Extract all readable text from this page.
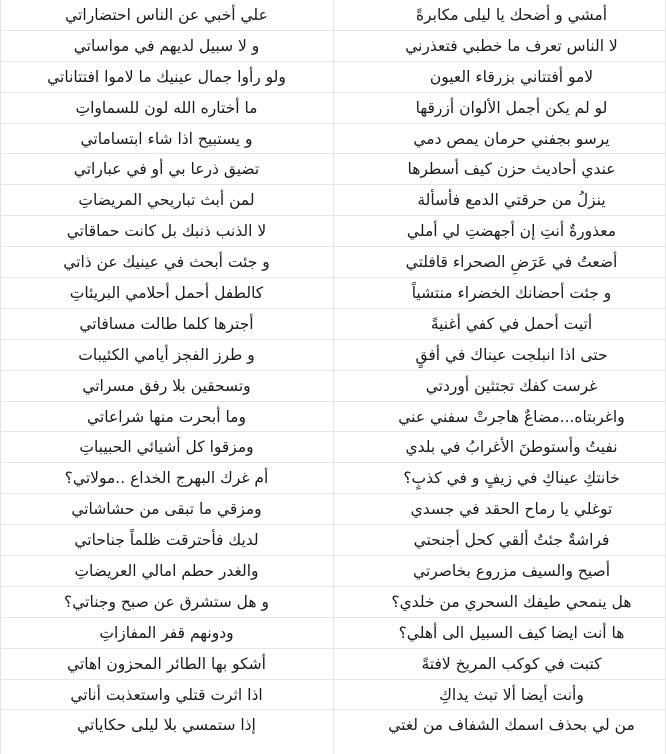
أمشي و أضحك يا ليلى مكابرةً	علي أخبي عن الناس احتضاراتي
لا الناس تعرف ما خطبي فتعذرني	و لا سبيل لديهم في مواساتي
لامو أفتتاني بزرقاء العيون	ولو رأوا جمال عينيك ما لاموا افتتاناتي
لو لم يكن أجمل الألوان أزرقها	ما أختاره الله لون للسماواتِ
يرسو بجفني حرمان يمص دمي	و يستبيح اذا شاء ابتساماتي
عندي أحاديث حزن كيف أسطرها	تضيق ذرعا بي أو في عباراتي
ينزلُ من حرقتي الدمع فأسألة	لمن أبث تباريحي المريضاتِ
معذورةٌ أنتِ إن أجهضتِ لي أملي	لا الذنب ذنبك بل كانت حماقاتي
أضعتُ في عَرَضِ الصحراء قافلتي	و جئت أبحث في عينيك عن ذاتي
و جئت أحضانك الخضراء منتشياً	كالطفل أحمل أحلامي البريئاتِ
أتيت أحمل في كفي أغنيةً	أجترها كلما طالت مسافاتي
حتى اذا انبلجت عيناك في أفقٍ	و طرز الفجز أيامي الكئيبات
غرست كفك تجتثين أوردتي	وتسحقين بلا رفق مسراتي
واغربتاه...مضاعٌ هاجرتْ سفني عني	وما أبحرت منها شراعاتي
نفيتُ وأستوطنَ الأغرابُ في بلدي	ومزقوا كل أشيائي الحبيباتِ
خانتكِ عيناكِ في زيفٍ و في كذبٍ؟	أم غرك البهرج الخداع ..مولاتي؟
توغلي يا رماح الحقد في جسدي	ومزقي ما تبقى من حشاشاتي
فراشةٌ جئتُ ألقي كحل أجنحتي	لديك فأحترقت ظلماً جناحاتي
أصيح والسيف مزروع بخاصرتي	والغدر حطم امالي العريضاتِ
هل ينمحي طيفك السحري من خلدي؟	و هل ستشرق عن صبح وجناتي؟
ها أنت ايضا كيف السبيل الى أهلي؟	ودونهم قفر المفازاتِ
كتبت في كوكب المريخ لافتةً	أشكو بها الطائر المحزون اهاتي
وأنت أيضا ألا تبث يداكِ	اذا اثرت قتلي واستعذبت أناتي
من لي بحذف اسمك الشفاف من لغتي	إذا ستمسي بلا ليلى حكاياتي
